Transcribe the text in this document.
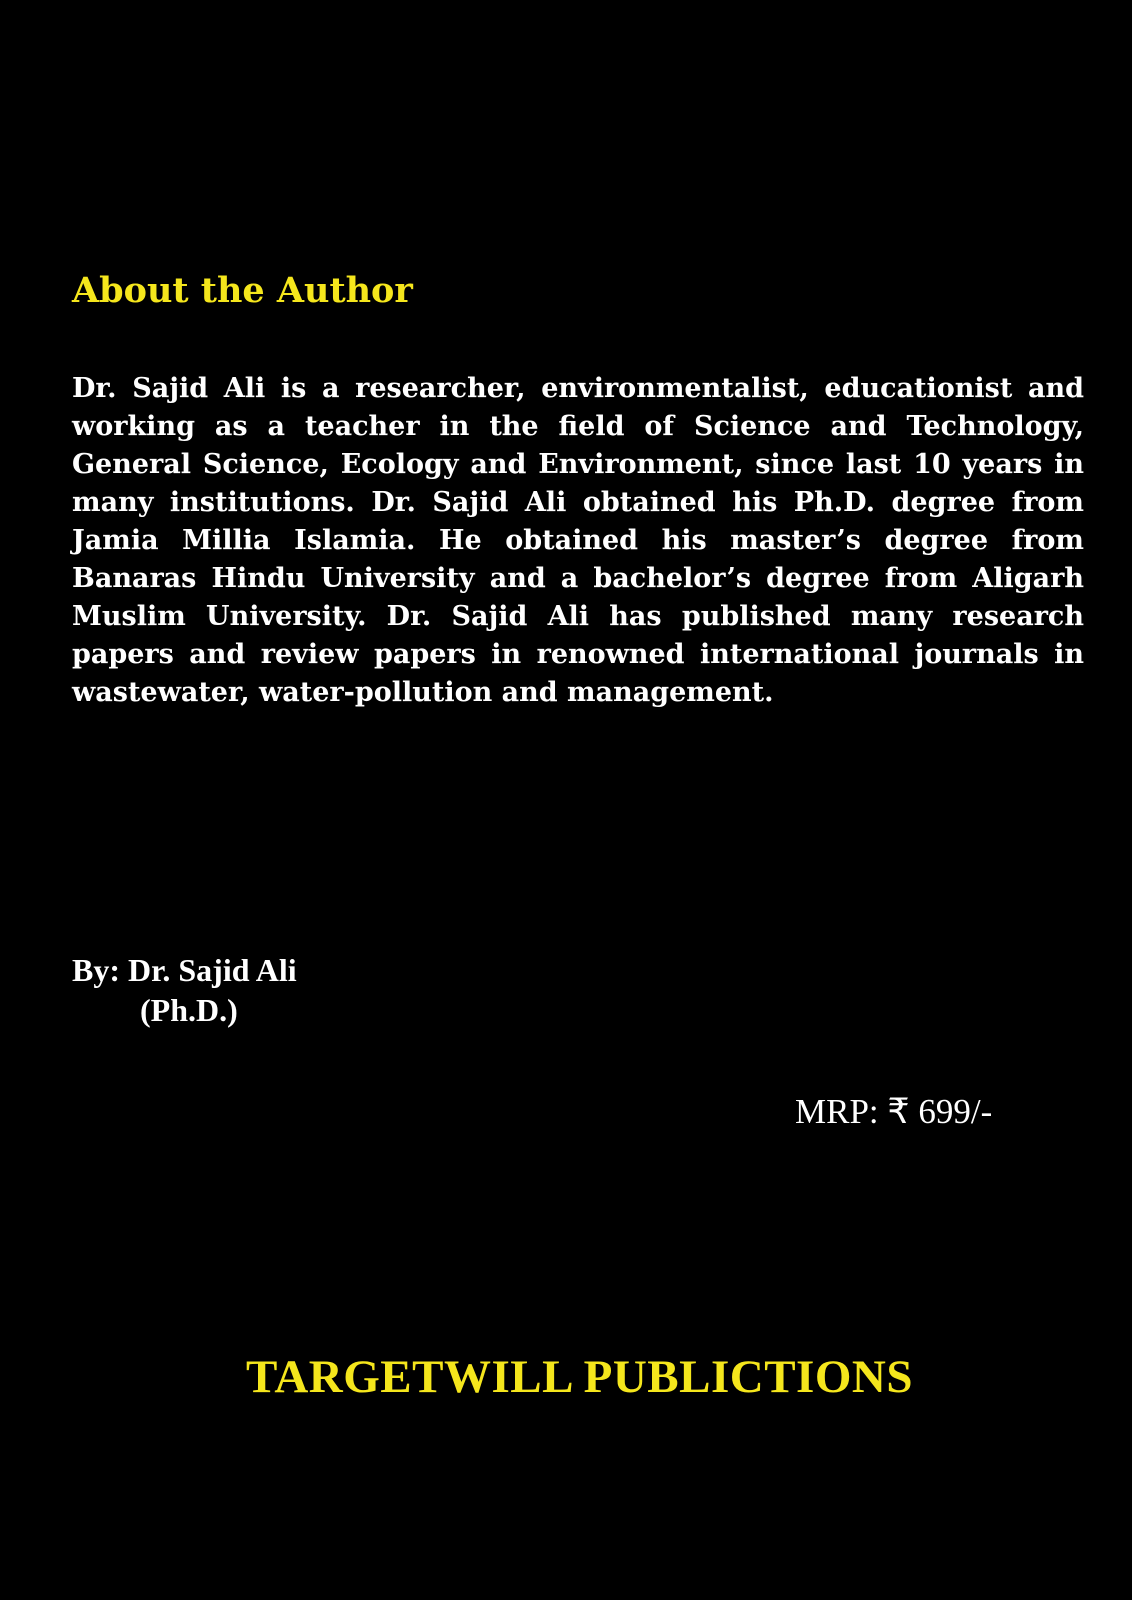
About the Author

Dr. Sajid Ali is a researcher, environmentalist, educationist and working as a teacher in the field of Science and Technology, General Science, Ecology and Environment, since last 10 years in many institutions. Dr. Sajid Ali obtained his Ph.D. degree from Jamia Millia Islamia. He obtained his master’s degree from Banaras Hindu University and a bachelor’s degree from Aligarh Muslim University. Dr. Sajid Ali has published many research papers and review papers in renowned international journals in wastewater, water-pollution and management.

By: Dr. Sajid Ali
(Ph.D.)
MRP: ₹ 699/-
TARGETWILL PUBLICTIONS
